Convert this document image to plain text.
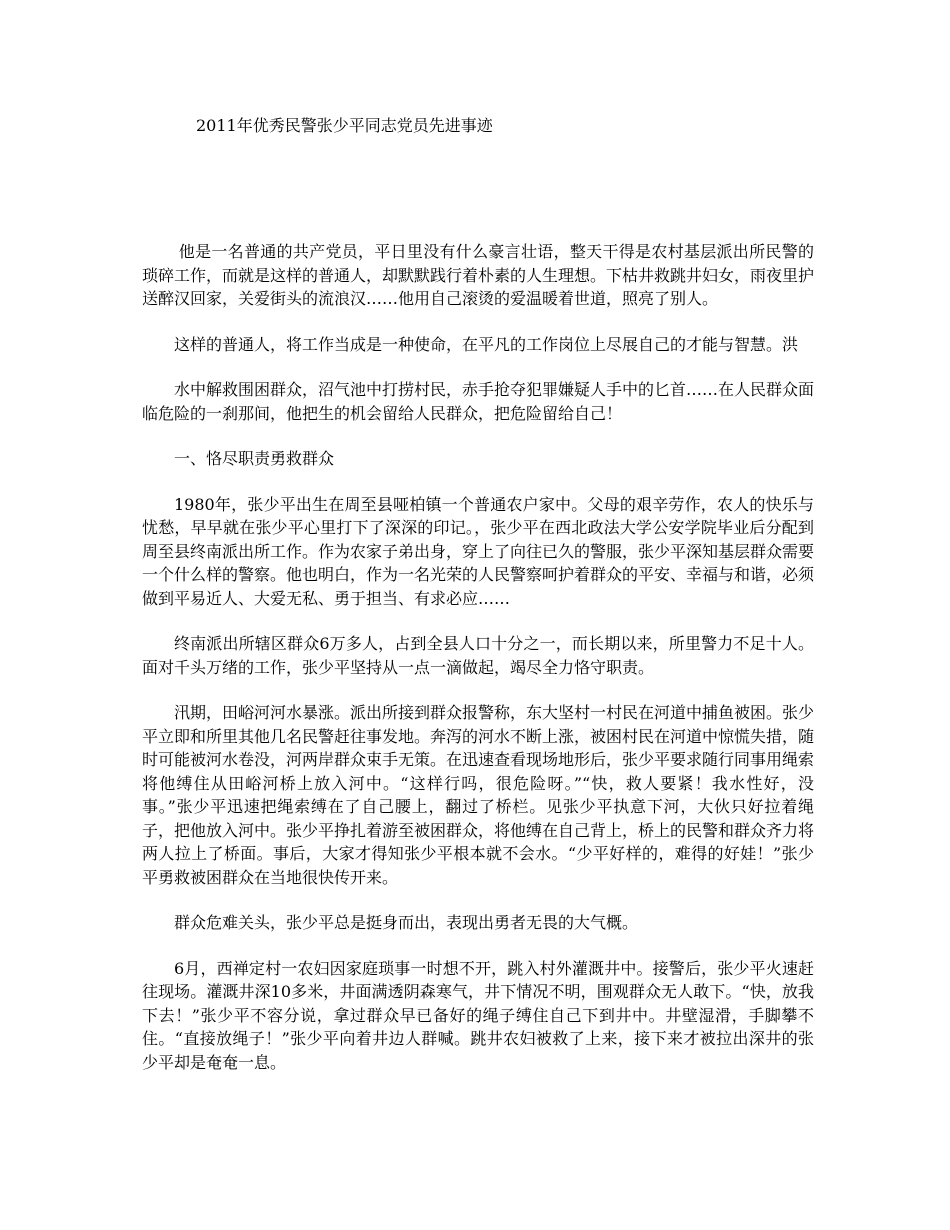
2011年优秀民警张少平同志党员先进事迹

他是一名普通的共产党员，平日里没有什么豪言壮语，整天干得是农村基层派出所民警的琐碎工作，而就是这样的普通人，却默默践行着朴素的人生理想。下枯井救跳井妇女，雨夜里护送醉汉回家，关爱街头的流浪汉……他用自己滚烫的爱温暖着世道，照亮了别人。

这样的普通人，将工作当成是一种使命，在平凡的工作岗位上尽展自己的才能与智慧。洪

水中解救围困群众，沼气池中打捞村民，赤手抢夺犯罪嫌疑人手中的匕首……在人民群众面临危险的一刹那间，他把生的机会留给人民群众，把危险留给自己！

一、恪尽职责勇救群众

1980年，张少平出生在周至县哑柏镇一个普通农户家中。父母的艰辛劳作，农人的快乐与忧愁，早早就在张少平心里打下了深深的印记。，张少平在西北政法大学公安学院毕业后分配到周至县终南派出所工作。作为农家子弟出身，穿上了向往已久的警服，张少平深知基层群众需要一个什么样的警察。他也明白，作为一名光荣的人民警察呵护着群众的平安、幸福与和谐，必须做到平易近人、大爱无私、勇于担当、有求必应……

终南派出所辖区群众6万多人，占到全县人口十分之一，而长期以来，所里警力不足十人。面对千头万绪的工作，张少平坚持从一点一滴做起，竭尽全力恪守职责。

汛期，田峪河河水暴涨。派出所接到群众报警称，东大坚村一村民在河道中捕鱼被困。张少平立即和所里其他几名民警赶往事发地。奔泻的河水不断上涨，被困村民在河道中惊慌失措，随时可能被河水卷没，河两岸群众束手无策。在迅速查看现场地形后，张少平要求随行同事用绳索将他缚住从田峪河桥上放入河中。“这样行吗，很危险呀。”“快，救人要紧！我水性好，没事。”张少平迅速把绳索缚在了自己腰上，翻过了桥栏。见张少平执意下河，大伙只好拉着绳子，把他放入河中。张少平挣扎着游至被困群众，将他缚在自己背上，桥上的民警和群众齐力将两人拉上了桥面。事后，大家才得知张少平根本就不会水。“少平好样的，难得的好娃！”张少平勇救被困群众在当地很快传开来。

群众危难关头，张少平总是挺身而出，表现出勇者无畏的大气概。

6月，西禅定村一农妇因家庭琐事一时想不开，跳入村外灌溉井中。接警后，张少平火速赶往现场。灌溉井深10多米，井面满透阴森寒气，井下情况不明，围观群众无人敢下。“快，放我下去！”张少平不容分说，拿过群众早已备好的绳子缚住自己下到井中。井壁湿滑，手脚攀不住。“直接放绳子！”张少平向着井边人群喊。跳井农妇被救了上来，接下来才被拉出深井的张少平却是奄奄一息。
